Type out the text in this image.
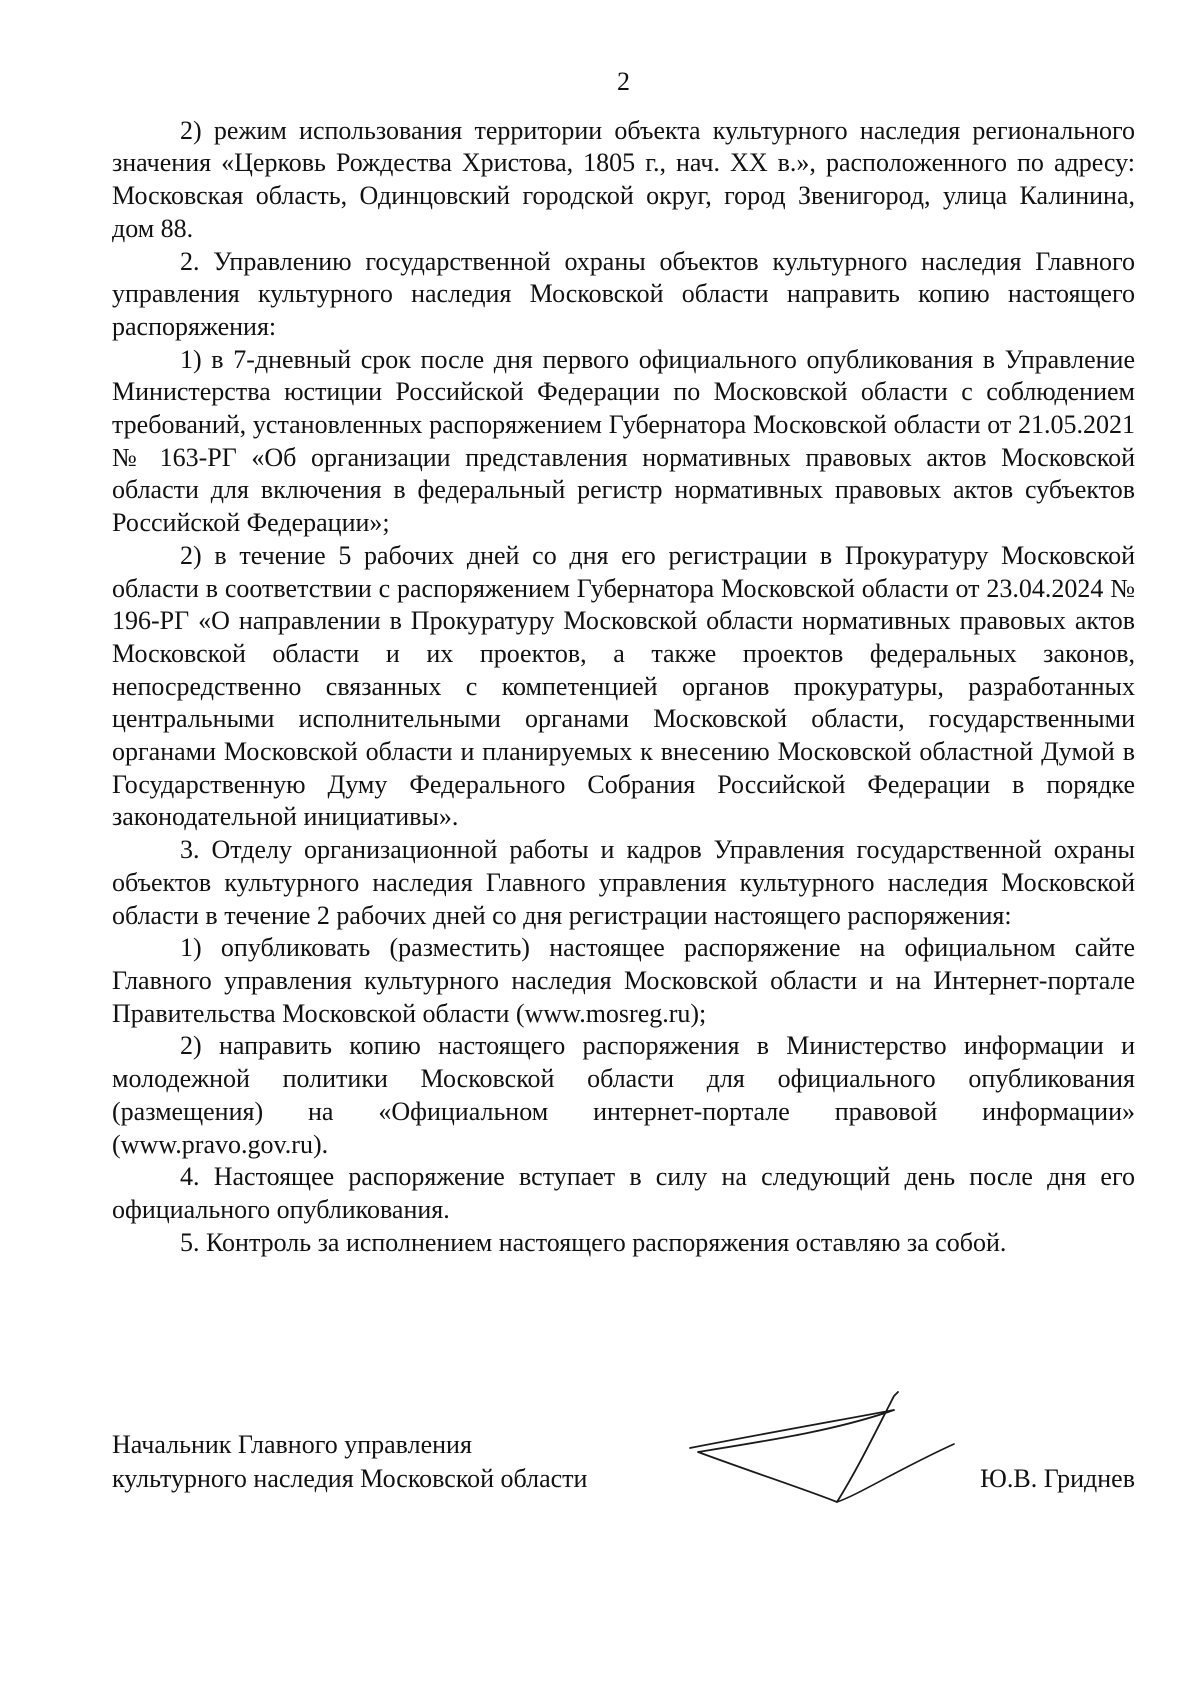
2

2) режим использования территории объекта культурного наследия регионального значения «Церковь Рождества Христова, 1805 г., нач. XX в.», расположенного по адресу: Московская область, Одинцовский городской округ, город Звенигород, улица Калинина, дом 88.

2. Управлению государственной охраны объектов культурного наследия Главного управления культурного наследия Московской области направить копию настоящего распоряжения:

1) в 7-дневный срок после дня первого официального опубликования в Управление Министерства юстиции Российской Федерации по Московской области с соблюдением требований, установленных распоряжением Губернатора Московской области от 21.05.2021 № 163-РГ «Об организации представления нормативных правовых актов Московской области для включения в федеральный регистр нормативных правовых актов субъектов Российской Федерации»;

2) в течение 5 рабочих дней со дня его регистрации в Прокуратуру Московской области в соответствии с распоряжением Губернатора Московской области от 23.04.2024 № 196-РГ «О направлении в Прокуратуру Московской области нормативных правовых актов Московской области и их проектов, а также проектов федеральных законов, непосредственно связанных с компетенцией органов прокуратуры, разработанных центральными исполнительными органами Московской области, государственными органами Московской области и планируемых к внесению Московской областной Думой в Государственную Думу Федерального Собрания Российской Федерации в порядке законодательной инициативы».

3. Отделу организационной работы и кадров Управления государственной охраны объектов культурного наследия Главного управления культурного наследия Московской области в течение 2 рабочих дней со дня регистрации настоящего распоряжения:

1) опубликовать (разместить) настоящее распоряжение на официальном сайте Главного управления культурного наследия Московской области и на Интернет-портале Правительства Московской области (www.mosreg.ru);

2) направить копию настоящего распоряжения в Министерство информации и молодежной политики Московской области для официального опубликования (размещения) на «Официальном интернет-портале правовой информации» (www.pravo.gov.ru).

4. Настоящее распоряжение вступает в силу на следующий день после дня его официального опубликования.

5. Контроль за исполнением настоящего распоряжения оставляю за собой.

Начальник Главного управления
культурного наследия Московской области	Ю.В. Гриднев
